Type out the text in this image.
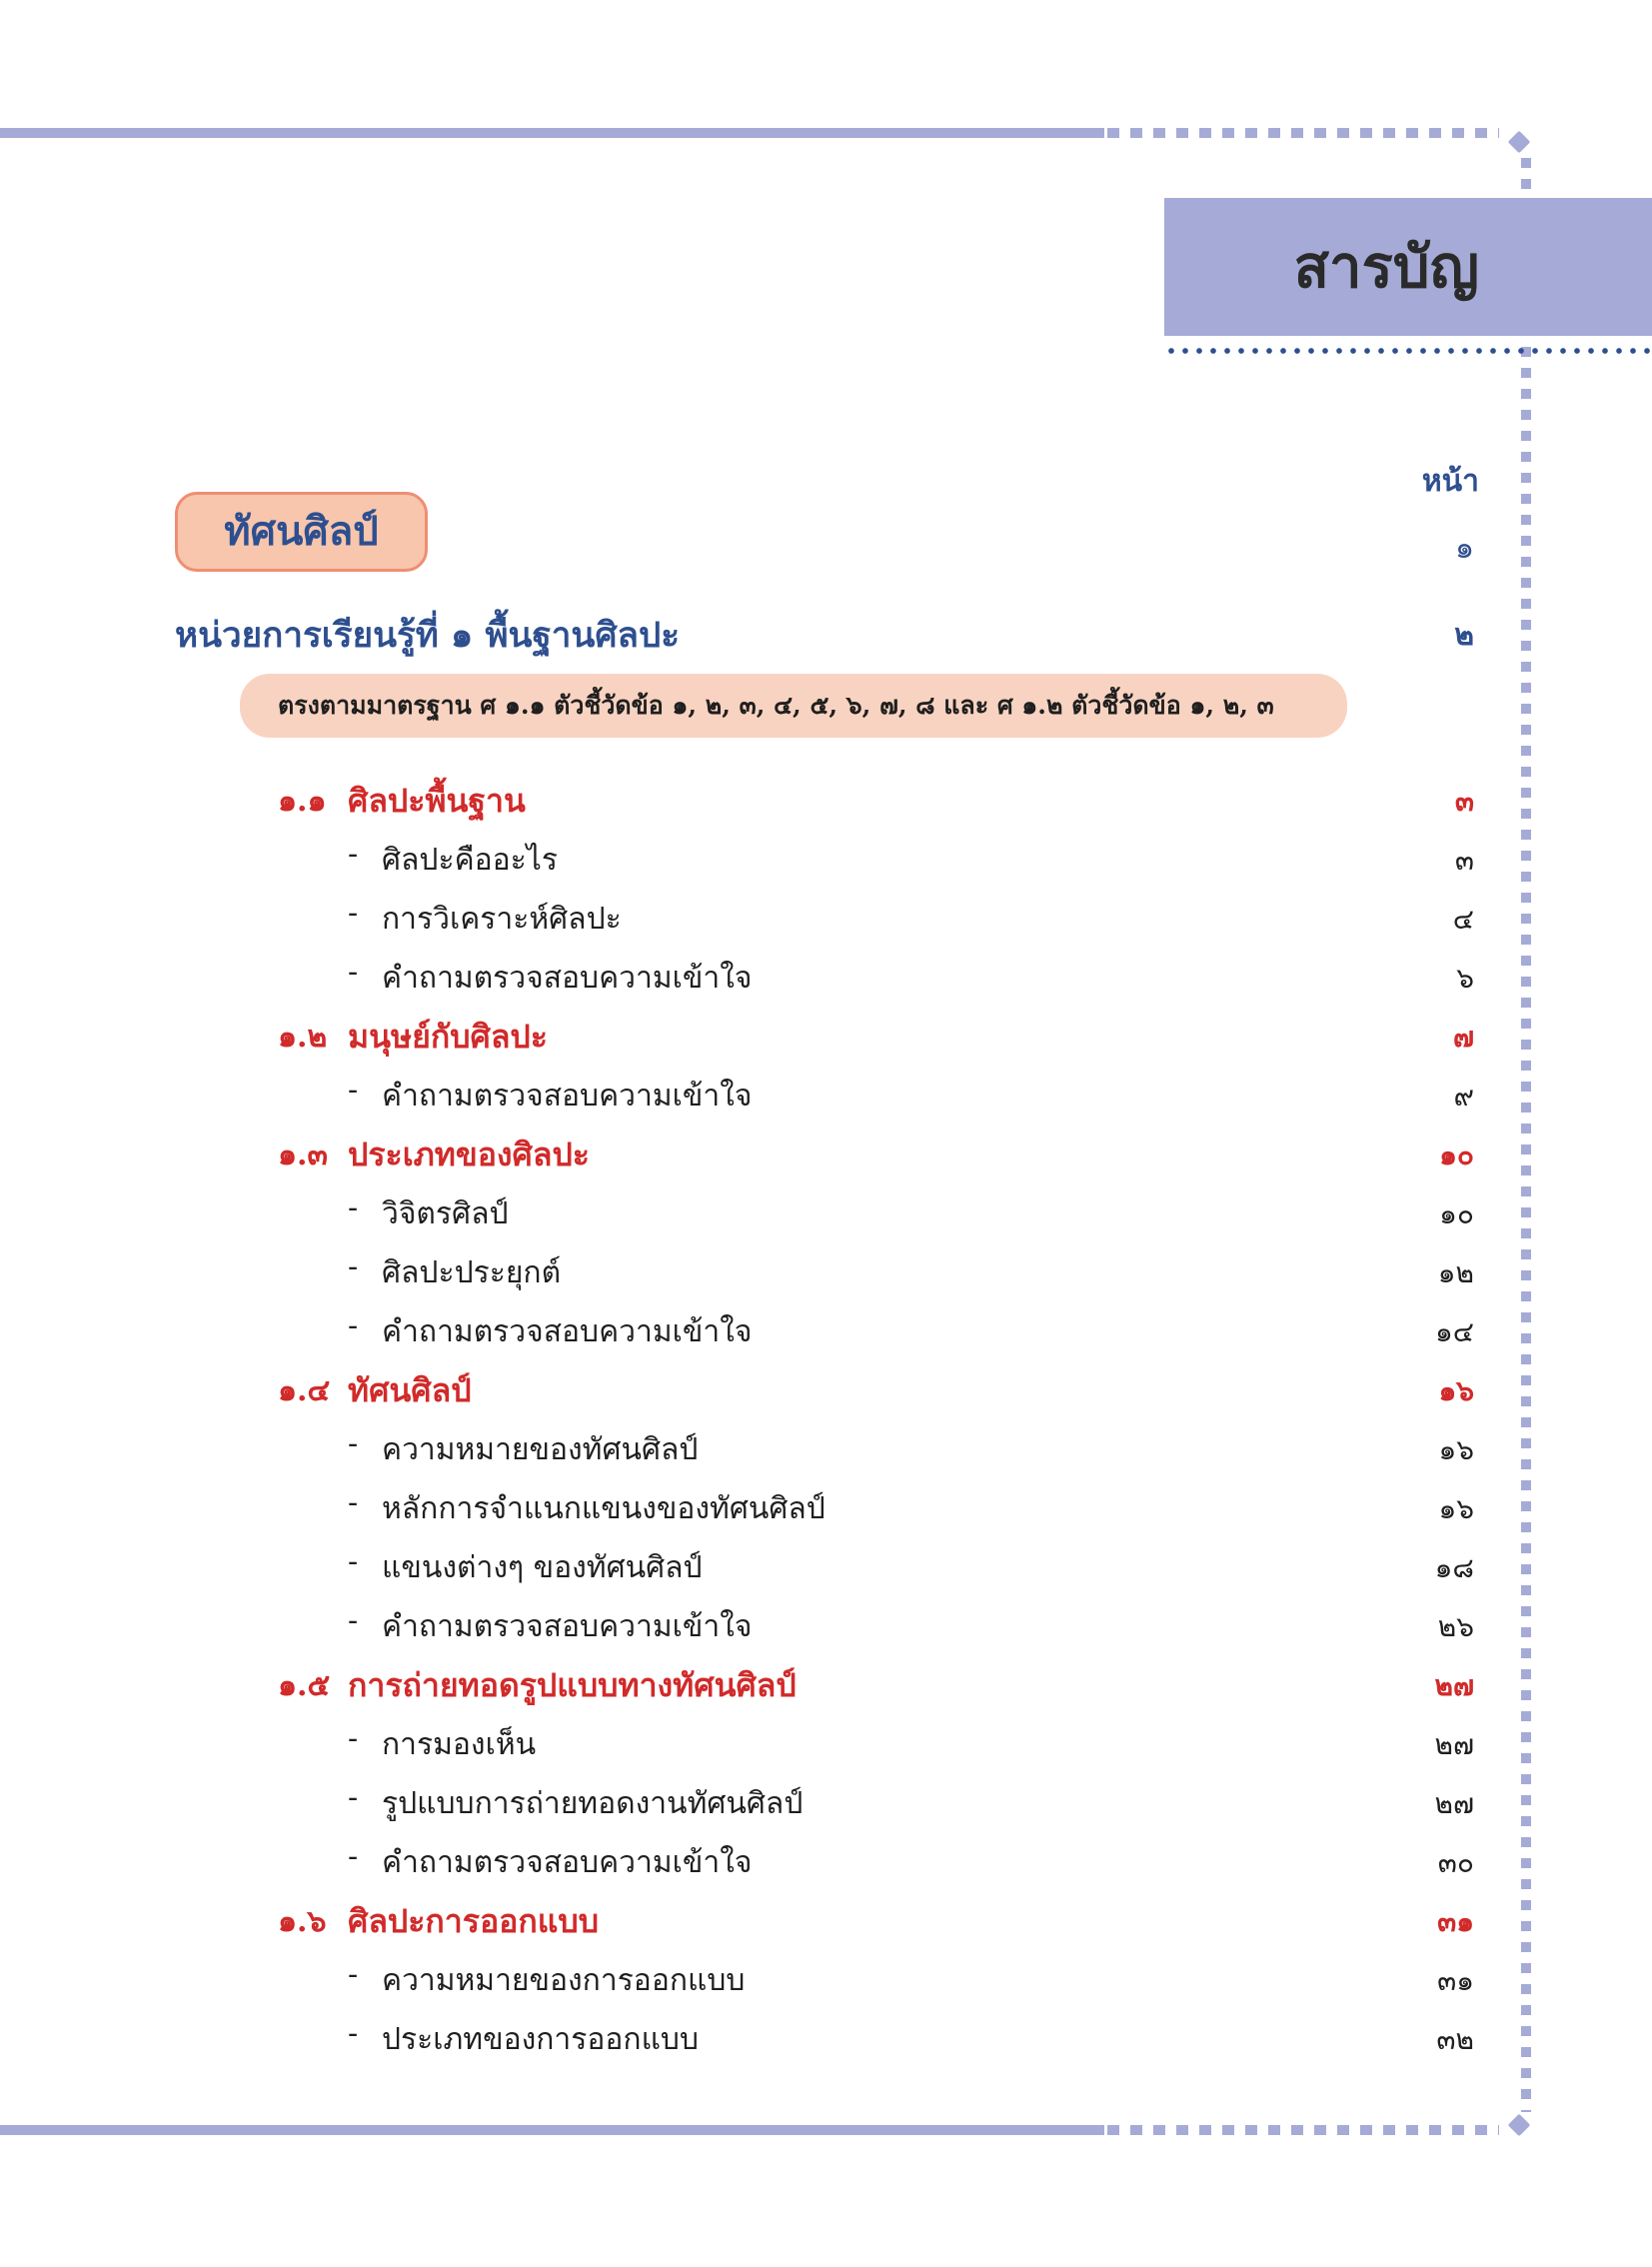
สารบัญ
หน้า
ทัศนศิลป์	๑
หน่วยการเรียนรู้ที่ ๑ พื้นฐานศิลปะ	๒
ตรงตามมาตรฐาน ศ ๑.๑ ตัวชี้วัดข้อ ๑, ๒, ๓, ๔, ๕, ๖, ๗, ๘ และ ศ ๑.๒ ตัวชี้วัดข้อ ๑, ๒, ๓
๑.๑ ศิลปะพื้นฐาน	๓
- ศิลปะคืออะไร	๓
- การวิเคราะห์ศิลปะ	๔
- คำถามตรวจสอบความเข้าใจ	๖
๑.๒ มนุษย์กับศิลปะ	๗
- คำถามตรวจสอบความเข้าใจ	๙
๑.๓ ประเภทของศิลปะ	๑๐
- วิจิตรศิลป์	๑๐
- ศิลปะประยุกต์	๑๒
- คำถามตรวจสอบความเข้าใจ	๑๔
๑.๔ ทัศนศิลป์	๑๖
- ความหมายของทัศนศิลป์	๑๖
- หลักการจำแนกแขนงของทัศนศิลป์	๑๖
- แขนงต่างๆ ของทัศนศิลป์	๑๘
- คำถามตรวจสอบความเข้าใจ	๒๖
๑.๕ การถ่ายทอดรูปแบบทางทัศนศิลป์	๒๗
- การมองเห็น	๒๗
- รูปแบบการถ่ายทอดงานทัศนศิลป์	๒๗
- คำถามตรวจสอบความเข้าใจ	๓๐
๑.๖ ศิลปะการออกแบบ	๓๑
- ความหมายของการออกแบบ	๓๑
- ประเภทของการออกแบบ	๓๒
